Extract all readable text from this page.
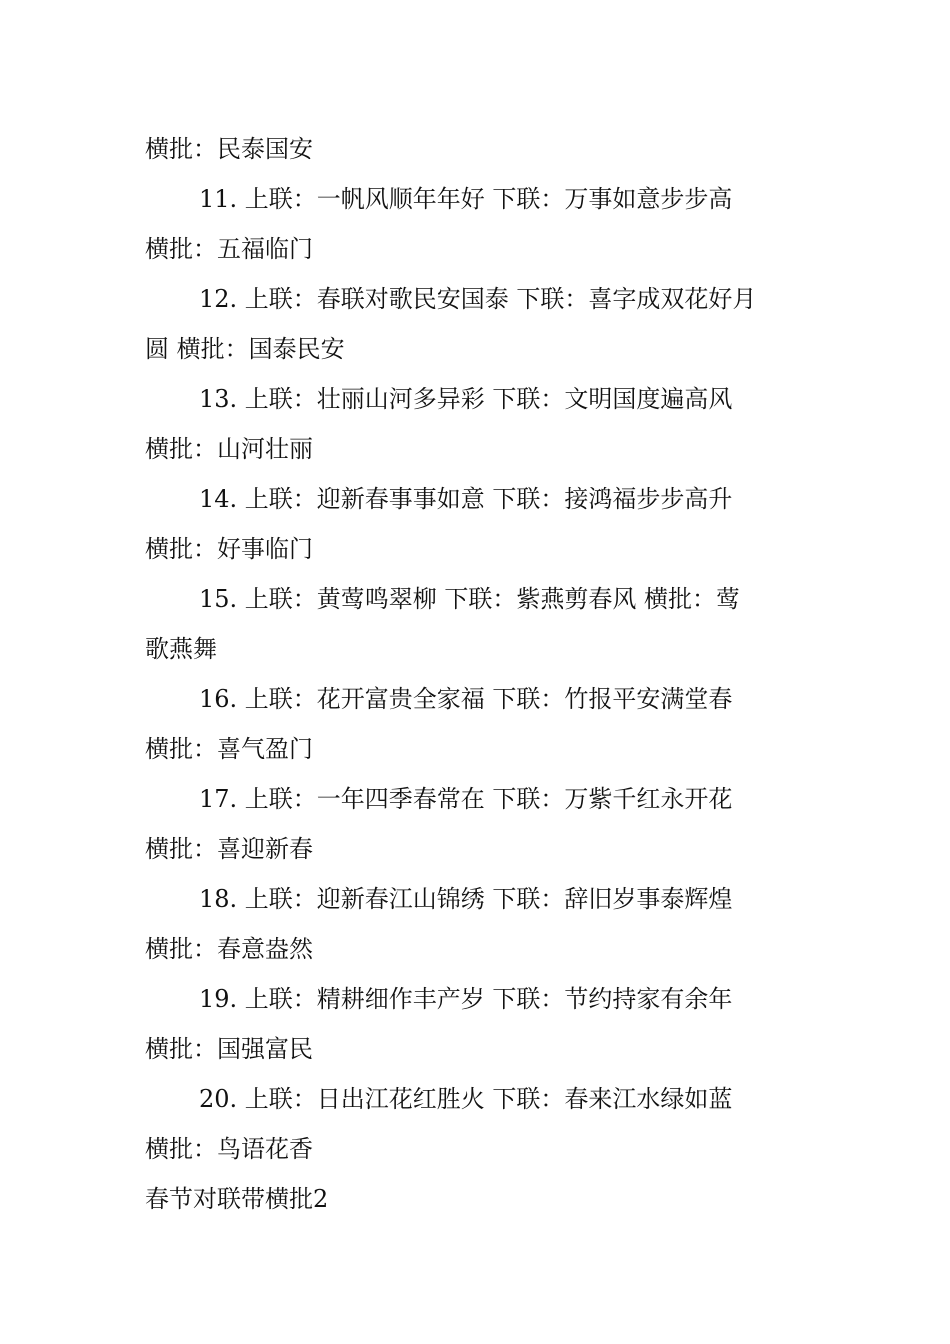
横批：民泰国安
11. 上联：一帆风顺年年好 下联：万事如意步步高
横批：五福临门
12. 上联：春联对歌民安国泰 下联：喜字成双花好月
圆 横批：国泰民安
13. 上联：壮丽山河多异彩 下联：文明国度遍高风
横批：山河壮丽
14. 上联：迎新春事事如意 下联：接鸿福步步高升
横批：好事临门
15. 上联：黄莺鸣翠柳 下联：紫燕剪春风 横批：莺
歌燕舞
16. 上联：花开富贵全家福 下联：竹报平安满堂春
横批：喜气盈门
17. 上联：一年四季春常在 下联：万紫千红永开花
横批：喜迎新春
18. 上联：迎新春江山锦绣 下联：辞旧岁事泰辉煌
横批：春意盎然
19. 上联：精耕细作丰产岁 下联：节约持家有余年
横批：国强富民
20. 上联：日出江花红胜火 下联：春来江水绿如蓝
横批：鸟语花香
春节对联带横批2
